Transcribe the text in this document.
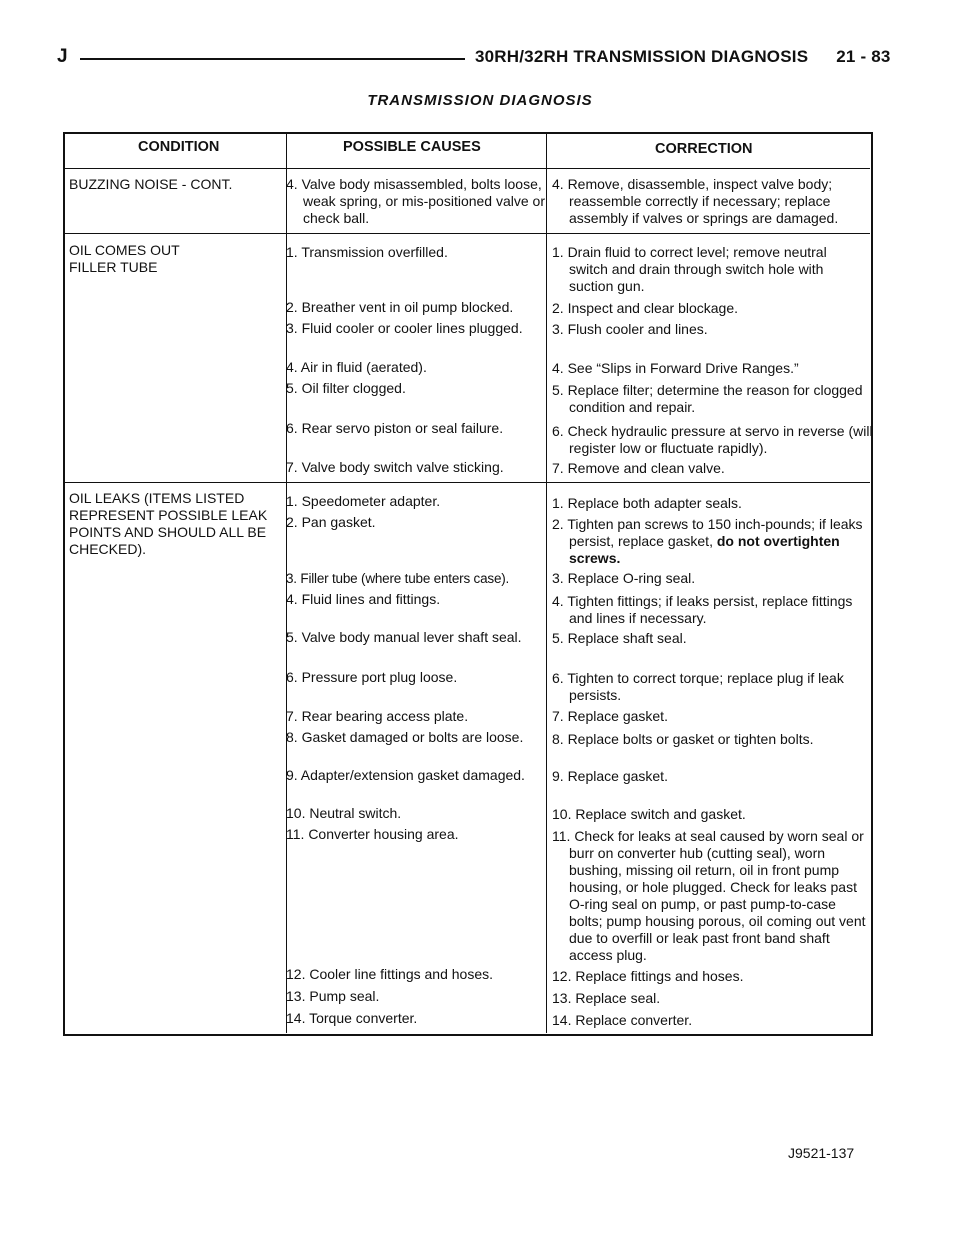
J	30RH/32RH TRANSMISSION DIAGNOSIS 21 - 83
TRANSMISSION DIAGNOSIS
CONDITION	POSSIBLE CAUSES	CORRECTION
BUZZING NOISE - CONT.	4. Valve body misassembled, bolts loose, weak spring, or mis-positioned valve or check ball.
4. Remove, disassemble, inspect valve body; reassemble correctly if necessary; replace assembly if valves or springs are damaged.
OIL COMES OUT FILLER TUBE
1. Transmission overfilled.	1. Drain fluid to correct level; remove neutral switch and drain through switch hole with suction gun.
2. Breather vent in oil pump blocked.	2. Inspect and clear blockage.
3. Fluid cooler or cooler lines plugged. 3. Flush cooler and lines.
4. Air in fluid (aerated).	4. See “Slips in Forward Drive Ranges.”
5. Oil filter clogged.	5. Replace filter; determine the reason for clogged condition and repair.
6. Rear servo piston or seal failure.	6. Check hydraulic pressure at servo in reverse (will register low or fluctuate rapidly).
7. Valve body switch valve sticking.	7. Remove and clean valve.
OIL LEAKS (ITEMS LISTED REPRESENT POSSIBLE LEAK POINTS AND SHOULD ALL BE CHECKED).
1. Speedometer adapter.	1. Replace both adapter seals.
2. Pan gasket.	2. Tighten pan screws to 150 inch-pounds; if leaks persist, replace gasket, do not overtighten screws.
3. Filler tube (where tube enters case).	3. Replace O-ring seal.
4. Fluid lines and fittings.	4. Tighten fittings; if leaks persist, replace fittings and lines if necessary.
5. Valve body manual lever shaft seal.	5. Replace shaft seal.
6. Pressure port plug loose.	6. Tighten to correct torque; replace plug if leak persists.
7. Rear bearing access plate.	7. Replace gasket.
8. Gasket damaged or bolts are loose.	8. Replace bolts or gasket or tighten bolts.
9. Adapter/extension gasket damaged. 9. Replace gasket.
10. Neutral switch.	10. Replace switch and gasket.
11. Converter housing area.	11. Check for leaks at seal caused by worn seal or burr on converter hub (cutting seal), worn bushing, missing oil return, oil in front pump housing, or hole plugged. Check for leaks past O-ring seal on pump, or past pump-to-case bolts; pump housing porous, oil coming out vent due to overfill or leak past front band shaft access plug.
12. Cooler line fittings and hoses.	12. Replace fittings and hoses.
13. Pump seal.	13. Replace seal.
14. Torque converter.	14. Replace converter.
J9521-137
